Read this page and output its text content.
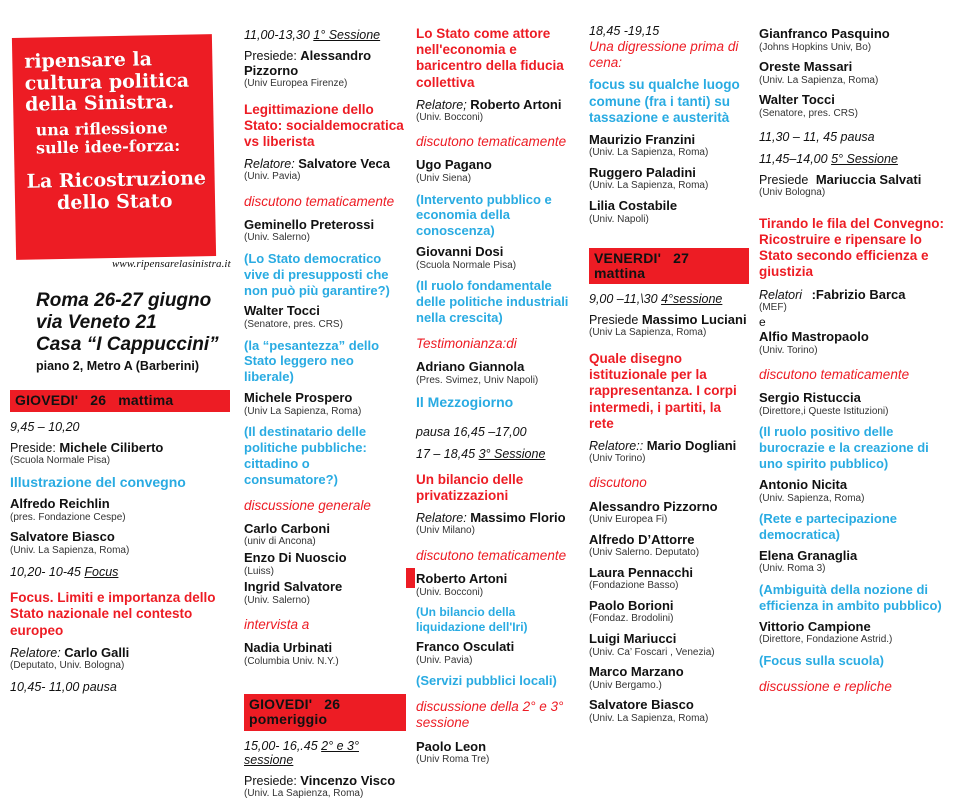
ripensare la cultura politica della Sinistra.
una riflessione sulle idee-forza:
La Ricostruzione
dello Stato
www.ripensarelasinistra.it
Roma 26-27 giugno
via Veneto 21
Casa “I Cappuccini”
piano 2, Metro A (Barberini)
GIOVEDI' 26 mattima
9,45 – 10,20
Preside: Michele Ciliberto
(Scuola Normale Pisa)
Illustrazione del convegno
Alfredo Reichlin
(pres. Fondazione Cespe)
Salvatore Biasco
(Univ. La Sapienza, Roma)
10,20- 10-45 Focus
Focus. Limiti e importanza dello Stato nazionale nel contesto europeo
Relatore: Carlo Galli
(Deputato, Univ. Bologna)
10,45- 11,00 pausa
11,00-13,30 1° Sessione
Presiede: Alessandro Pizzorno
(Univ Europea Firenze)
Legittimazione dello Stato: socialdemocratica vs liberista
Relatore: Salvatore Veca
(Univ. Pavia)
discutono tematicamente
Geminello Preterossi
(Univ. Salerno)
(Lo Stato democratico vive di presupposti che non può più garantire?)
Walter Tocci
(Senatore, pres. CRS)
(la “pesantezza” dello Stato leggero neo liberale)
Michele Prospero
(Univ La Sapienza, Roma)
(Il destinatario delle politiche pubbliche: cittadino o consumatore?)
discussione generale
Carlo Carboni
(univ di Ancona)
Enzo Di Nuoscio
(Luiss)
Ingrid Salvatore
(Univ. Salerno)
intervista a
Nadia Urbinati
(Columbia Univ. N.Y.)
GIOVEDI' 26pomeriggio
15,00- 16,.45 2° e 3° sessione
Presiede: Vincenzo Visco
(Univ. La Sapienza, Roma)
Lo Stato come attore nell'economia e baricentro della fiducia collettiva
Relatore; Roberto Artoni
(Univ. Bocconi)
discutono tematicamente
Ugo Pagano
(Univ Siena)
(Intervento pubblico e economia della conoscenza)
Giovanni Dosi
(Scuola Normale Pisa)
(Il ruolo fondamentale delle politiche industriali nella crescita)
Testimonianza:di
Adriano Giannola
(Pres. Svimez, Univ Napoli)
Il Mezzogiorno
pausa 16,45 –17,00
17 – 18,45 3° Sessione
Un bilancio delle privatizzazioni
Relatore: Massimo Florio
(Univ Milano)
discutono tematicamente
Roberto Artoni
(Univ. Bocconi)
(Un bilancio della liquidazione dell'Iri)
Franco Osculati
(Univ. Pavia)
(Servizi pubblici locali)
discussione della 2° e 3° sessione
Paolo Leon
(Univ Roma Tre)
18,45 -19,15
Una digressione prima di cena:
focus su qualche luogo comune (fra i tanti) su tassazione e austerità
Maurizio Franzini
(Univ. La Sapienza, Roma)
Ruggero Paladini
(Univ. La Sapienza, Roma)
Lilia Costabile
(Univ. Napoli)
VENERDI' 27mattina
9,00 –11,\30 4°sessione
Presiede Massimo Luciani
(Univ La Sapienza, Roma)
Quale disegno istituzionale per la rappresentanza. I corpi intermedi, i partiti, la rete
Relatore:: Mario Dogliani
(Univ Torino)
discutono
Alessandro Pizzorno
(Univ Europea Fi)
Alfredo D’Attorre
(Univ Salerno. Deputato)
Laura Pennacchi
(Fondazione Basso)
Paolo Borioni
(Fondaz. Brodolini)
Luigi Mariucci
(Univ. Ca’ Foscari , Venezia)
Marco Marzano
(Univ Bergamo.)
Salvatore Biasco
(Univ. La Sapienza, Roma)
Gianfranco Pasquino
(Johns Hopkins Univ, Bo)
Oreste Massari
(Univ. La Sapienza, Roma)
Walter Tocci
(Senatore, pres. CRS)
11,30 – 11, 45 pausa
11,45–14,00 5° Sessione
Presiede Mariuccia Salvati
(Univ Bologna)
Tirando le fila del Convegno: Ricostruire e ripensare lo Stato secondo efficienza e giustizia
Relatori :Fabrizio Barca
(MEF)
e
Alfio Mastropaolo
(Univ. Torino)
discutono tematicamente
Sergio Ristuccia
(Direttore,i Queste Istituzioni)
(Il ruolo positivo delle burocrazie e la creazione di uno spirito pubblico)
Antonio Nicita
(Univ. Sapienza, Roma)
(Rete e partecipazione democratica)
Elena Granaglia
(Univ. Roma 3)
(Ambiguità della nozione di efficienza in ambito pubblico)
Vittorio Campione
(Direttore, Fondazione Astrid.)
(Focus sulla scuola)
discussione e repliche
